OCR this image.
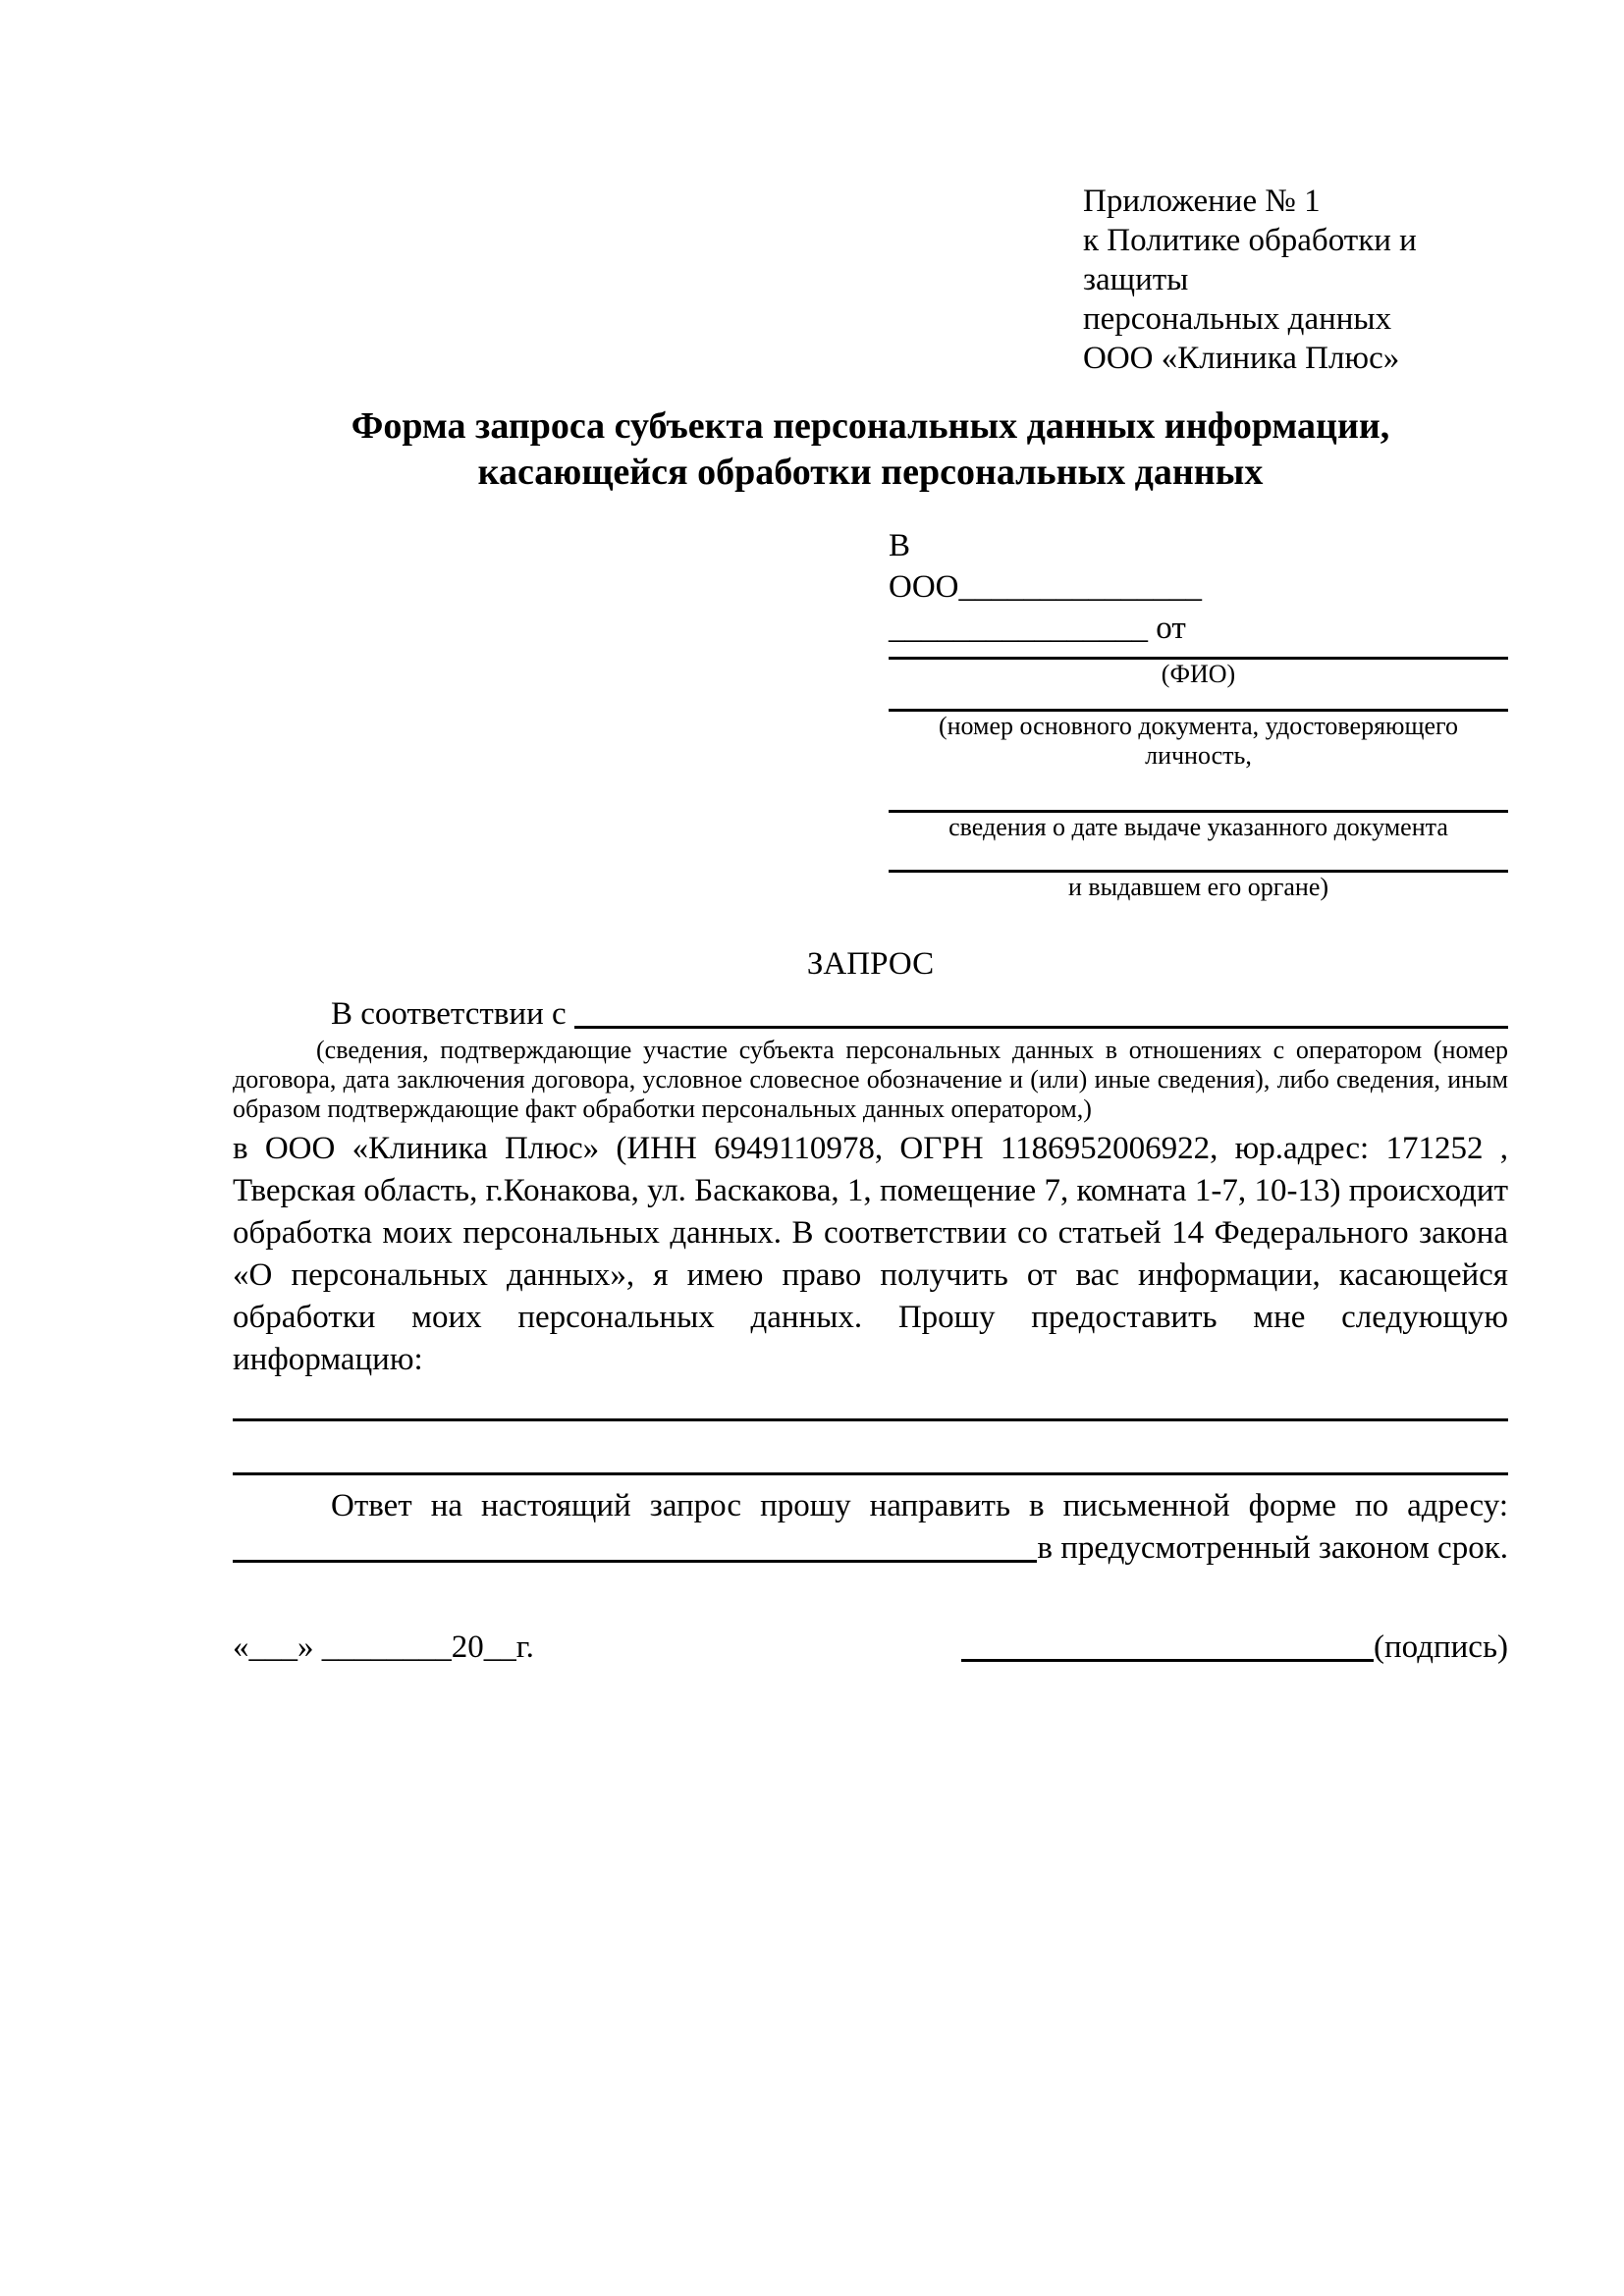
Приложение № 1
к Политике обработки и защиты
персональных данных
ООО «Клиника Плюс»
Форма запроса субъекта персональных данных информации,
касающейся обработки персональных данных
В
ООО_______________
________________ от
(ФИО)
(номер основного документа, удостоверяющего личность,
сведения о дате выдаче указанного документа
и выдавшем его органе)
ЗАПРОС
В соответствии с
(сведения, подтверждающие участие субъекта персональных данных в отношениях с оператором (номер договора, дата заключения договора, условное словесное обозначение и (или) иные сведения), либо сведения, иным образом подтверждающие факт обработки персональных данных оператором,)

в ООО «Клиника Плюс» (ИНН 6949110978, ОГРН 1186952006922, юр.адрес: 171252 , Тверская область, г.Конакова, ул. Баскакова, 1, помещение 7, комната 1-7, 10-13) происходит обработка моих персональных данных. В соответствии со статьей 14 Федерального закона «О персональных данных», я имею право получить от вас информации, касающейся обработки моих персональных данных. Прошу предоставить мне следующую информацию:

Ответ на настоящий запрос прошу направить в письменной форме по адресу:
в предусмотренный законом срок.
«___» ________20__г.	(подпись)
